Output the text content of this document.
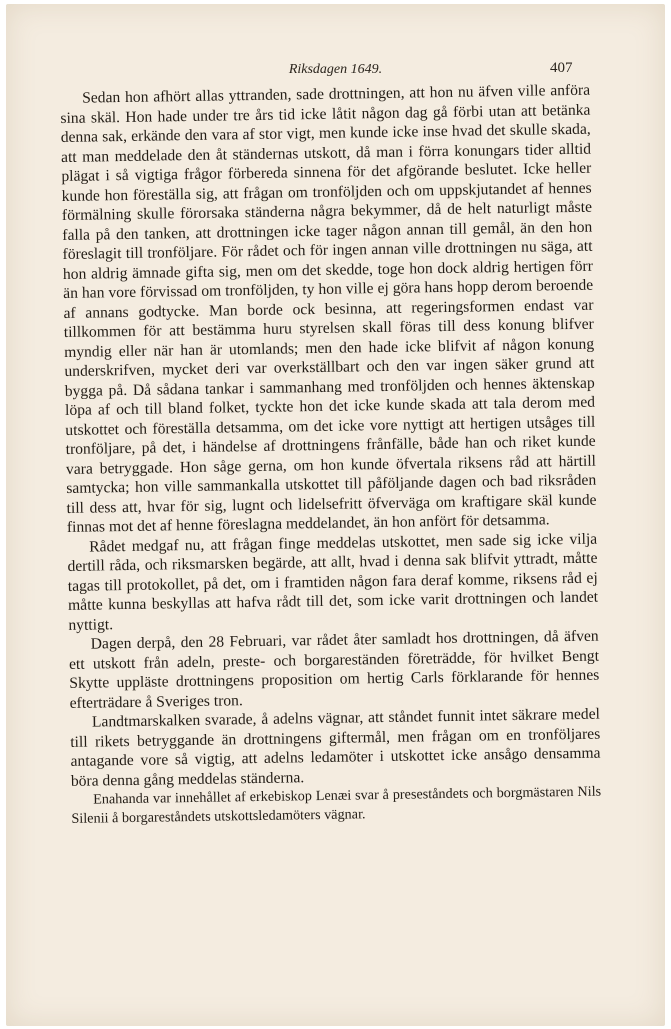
Riksdagen 1649.	407

Sedan hon afhört allas yttranden, sade drottningen, att hon nu äfven ville anföra sina skäl. Hon hade under tre års tid icke låtit någon dag gå förbi utan att betänka denna sak, erkände den vara af stor vigt, men kunde icke inse hvad det skulle skada, att man meddelade den åt ständernas utskott, då man i förra konungars tider alltid plägat i så vigtiga frågor förbereda sinnena för det afgörande beslutet. Icke heller kunde hon föreställa sig, att frågan om tronföljden och om uppskjutandet af hennes förmälning skulle förorsaka ständerna några bekymmer, då de helt naturligt måste falla på den tanken, att drottningen icke tager någon annan till gemål, än den hon föreslagit till tronföljare. För rådet och för ingen annan ville drottningen nu säga, att hon aldrig ämnade gifta sig, men om det skedde, toge hon dock aldrig hertigen förr än han vore förvissad om tronföljden, ty hon ville ej göra hans hopp derom beroende af annans godtycke. Man borde ock besinna, att regeringsformen endast var tillkommen för att bestämma huru styrelsen skall föras till dess konung blifver myndig eller när han är utomlands; men den hade icke blifvit af någon konung underskrifven, mycket deri var overkställbart och den var ingen säker grund att bygga på. Då sådana tankar i sammanhang med tronföljden och hennes äktenskap löpa af och till bland folket, tyckte hon det icke kunde skada att tala derom med utskottet och föreställa detsamma, om det icke vore nyttigt att hertigen utsåges till tronföljare, på det, i händelse af drottningens frånfälle, både han och riket kunde vara betryggade. Hon såge gerna, om hon kunde öfvertala riksens råd att härtill samtycka; hon ville sammankalla utskottet till påföljande dagen och bad riksråden till dess att, hvar för sig, lugnt och lidelsefritt öfverväga om kraftigare skäl kunde finnas mot det af henne föreslagna meddelandet, än hon anfört för detsamma.

Rådet medgaf nu, att frågan finge meddelas utskottet, men sade sig icke vilja dertill råda, och riksmarsken begärde, att allt, hvad i denna sak blifvit yttradt, måtte tagas till protokollet, på det, om i framtiden någon fara deraf komme, riksens råd ej måtte kunna beskyllas att hafva rådt till det, som icke varit drottningen och landet nyttigt.

Dagen derpå, den 28 Februari, var rådet åter samladt hos drottningen, då äfven ett utskott från adeln, preste- och borgareständen företrädde, för hvilket Bengt Skytte uppläste drottningens proposition om hertig Carls förklarande för hennes efterträdare å Sveriges tron.

Landtmarskalken svarade, å adelns vägnar, att ståndet funnit intet säkrare medel till rikets betryggande än drottningens giftermål, men frågan om en tronföljares antagande vore så vigtig, att adelns ledamöter i utskottet icke ansågo densamma böra denna gång meddelas ständerna.

Enahanda var innehållet af erkebiskop Lenæi svar å preseståndets och borgmästaren Nils Silenii å borgareståndets utskottsledamöters vägnar.
